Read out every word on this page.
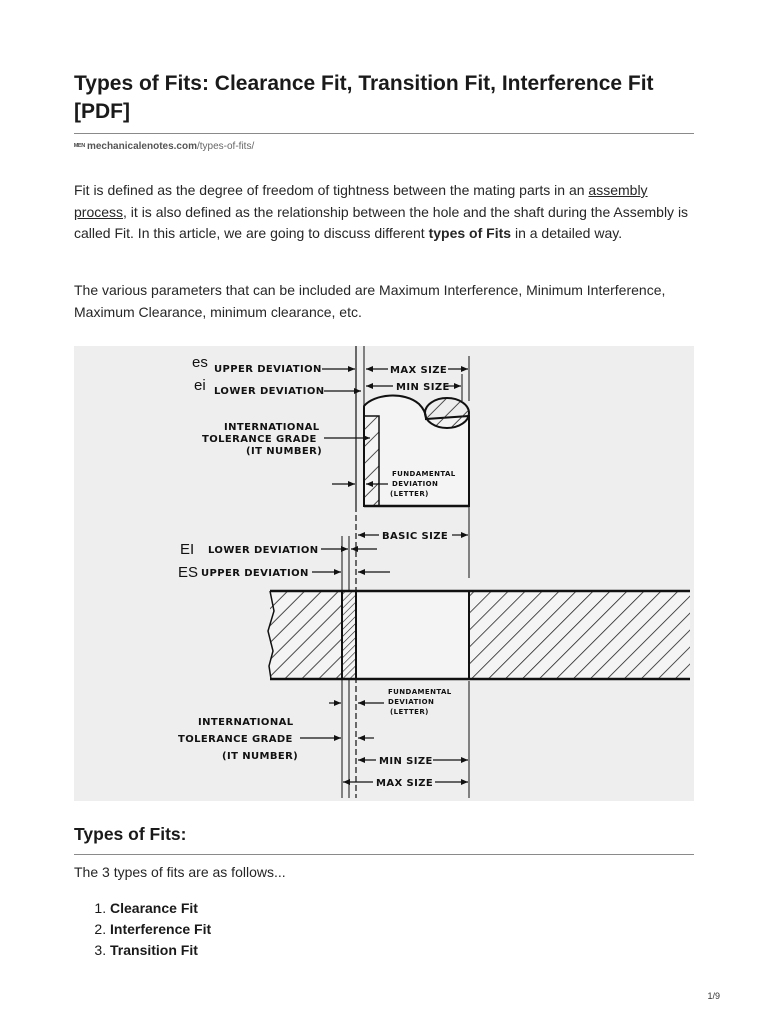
Types of Fits: Clearance Fit, Transition Fit, Interference Fit [PDF]
ᴹᴱᴺ mechanicalenotes.com/types-of-fits/

Fit is defined as the degree of freedom of tightness between the mating parts in an assembly process, it is also defined as the relationship between the hole and the shaft during the Assembly is called Fit. In this article, we are going to discuss different types of Fits in a detailed way.

The various parameters that can be included are Maximum Interference, Minimum Interference, Maximum Clearance, minimum clearance, etc.

es
ei
UPPER DEVIATION
LOWER DEVIATION
MAX SIZE
MIN SIZE
INTERNATIONAL
TOLERANCE GRADE
(IT NUMBER)
FUNDAMENTAL
DEVIATION
(LETTER)
BASIC SIZE
EI
ES
LOWER DEVIATION
UPPER DEVIATION
FUNDAMENTAL
DEVIATION
(LETTER)
INTERNATIONAL
TOLERANCE GRADE
(IT NUMBER)	MIN SIZE
MAX SIZE
Types of Fits:

The 3 types of fits are as follows...

1. Clearance Fit
2. Interference Fit
3. Transition Fit
1/9
